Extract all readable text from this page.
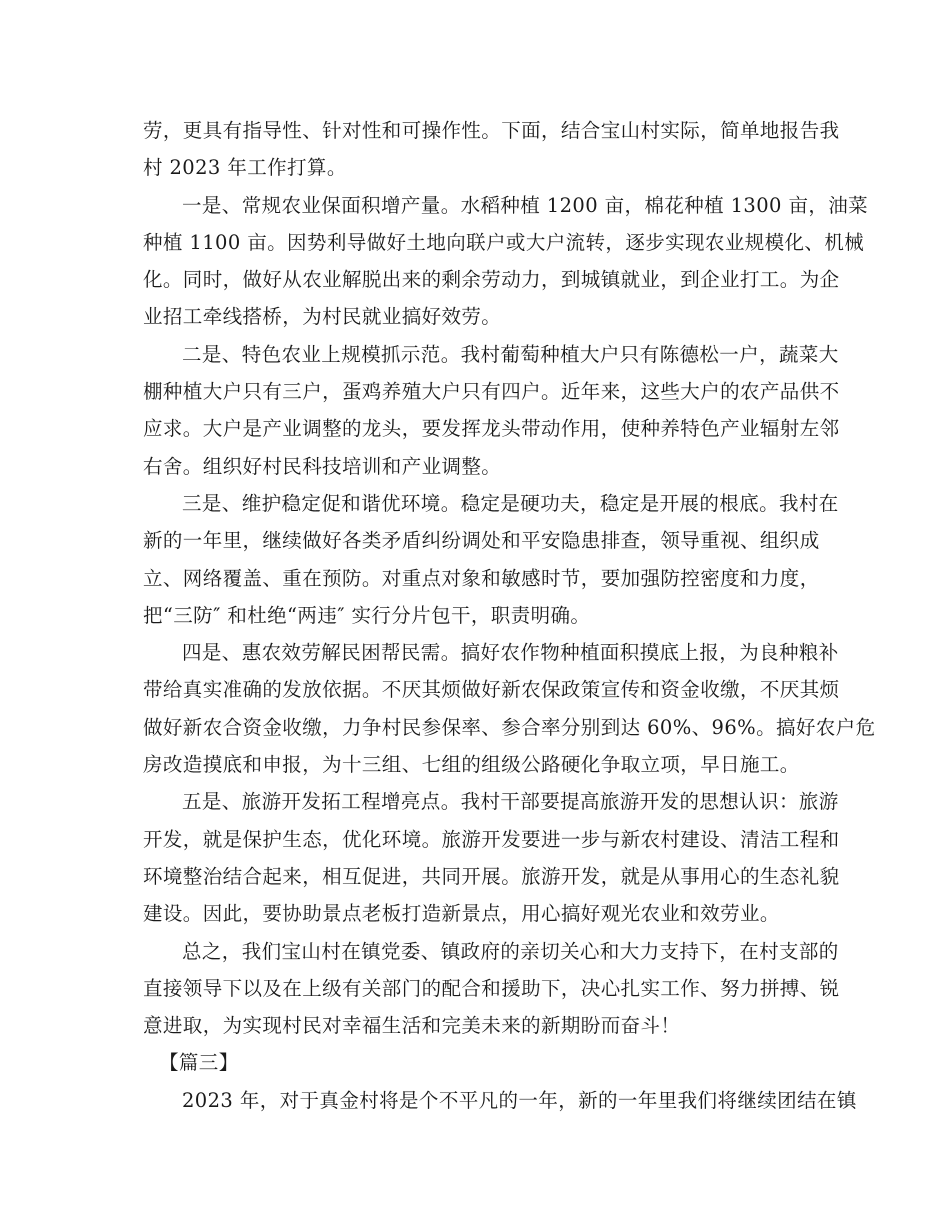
劳，更具有指导性、针对性和可操作性。下面，结合宝山村实际，简单地报告我
村 2023 年工作打算。
一是、常规农业保面积增产量。水稻种植 1200 亩，棉花种植 1300 亩，油菜
种植 1100 亩。因势利导做好土地向联户或大户流转，逐步实现农业规模化、机械
化。同时，做好从农业解脱出来的剩余劳动力，到城镇就业，到企业打工。为企
业招工牵线搭桥，为村民就业搞好效劳。
二是、特色农业上规模抓示范。我村葡萄种植大户只有陈德松一户，蔬菜大
棚种植大户只有三户，蛋鸡养殖大户只有四户。近年来，这些大户的农产品供不
应求。大户是产业调整的龙头，要发挥龙头带动作用，使种养特色产业辐射左邻
右舍。组织好村民科技培训和产业调整。
三是、维护稳定促和谐优环境。稳定是硬功夫，稳定是开展的根底。我村在
新的一年里，继续做好各类矛盾纠纷调处和平安隐患排查，领导重视、组织成
立、网络覆盖、重在预防。对重点对象和敏感时节，要加强防控密度和力度，
把“三防″ 和杜绝“两违″ 实行分片包干，职责明确。
四是、惠农效劳解民困帮民需。搞好农作物种植面积摸底上报，为良种粮补
带给真实准确的发放依据。不厌其烦做好新农保政策宣传和资金收缴，不厌其烦
做好新农合资金收缴，力争村民参保率、参合率分别到达 60%、96%。搞好农户危
房改造摸底和申报，为十三组、七组的组级公路硬化争取立项，早日施工。
五是、旅游开发拓工程增亮点。我村干部要提高旅游开发的思想认识：旅游
开发，就是保护生态，优化环境。旅游开发要进一步与新农村建设、清洁工程和
环境整治结合起来，相互促进，共同开展。旅游开发，就是从事用心的生态礼貌
建设。因此，要协助景点老板打造新景点，用心搞好观光农业和效劳业。
总之，我们宝山村在镇党委、镇政府的亲切关心和大力支持下，在村支部的
直接领导下以及在上级有关部门的配合和援助下，决心扎实工作、努力拼搏、锐
意进取，为实现村民对幸福生活和完美未来的新期盼而奋斗！
【篇三】
2023 年，对于真金村将是个不平凡的一年，新的一年里我们将继续团结在镇
